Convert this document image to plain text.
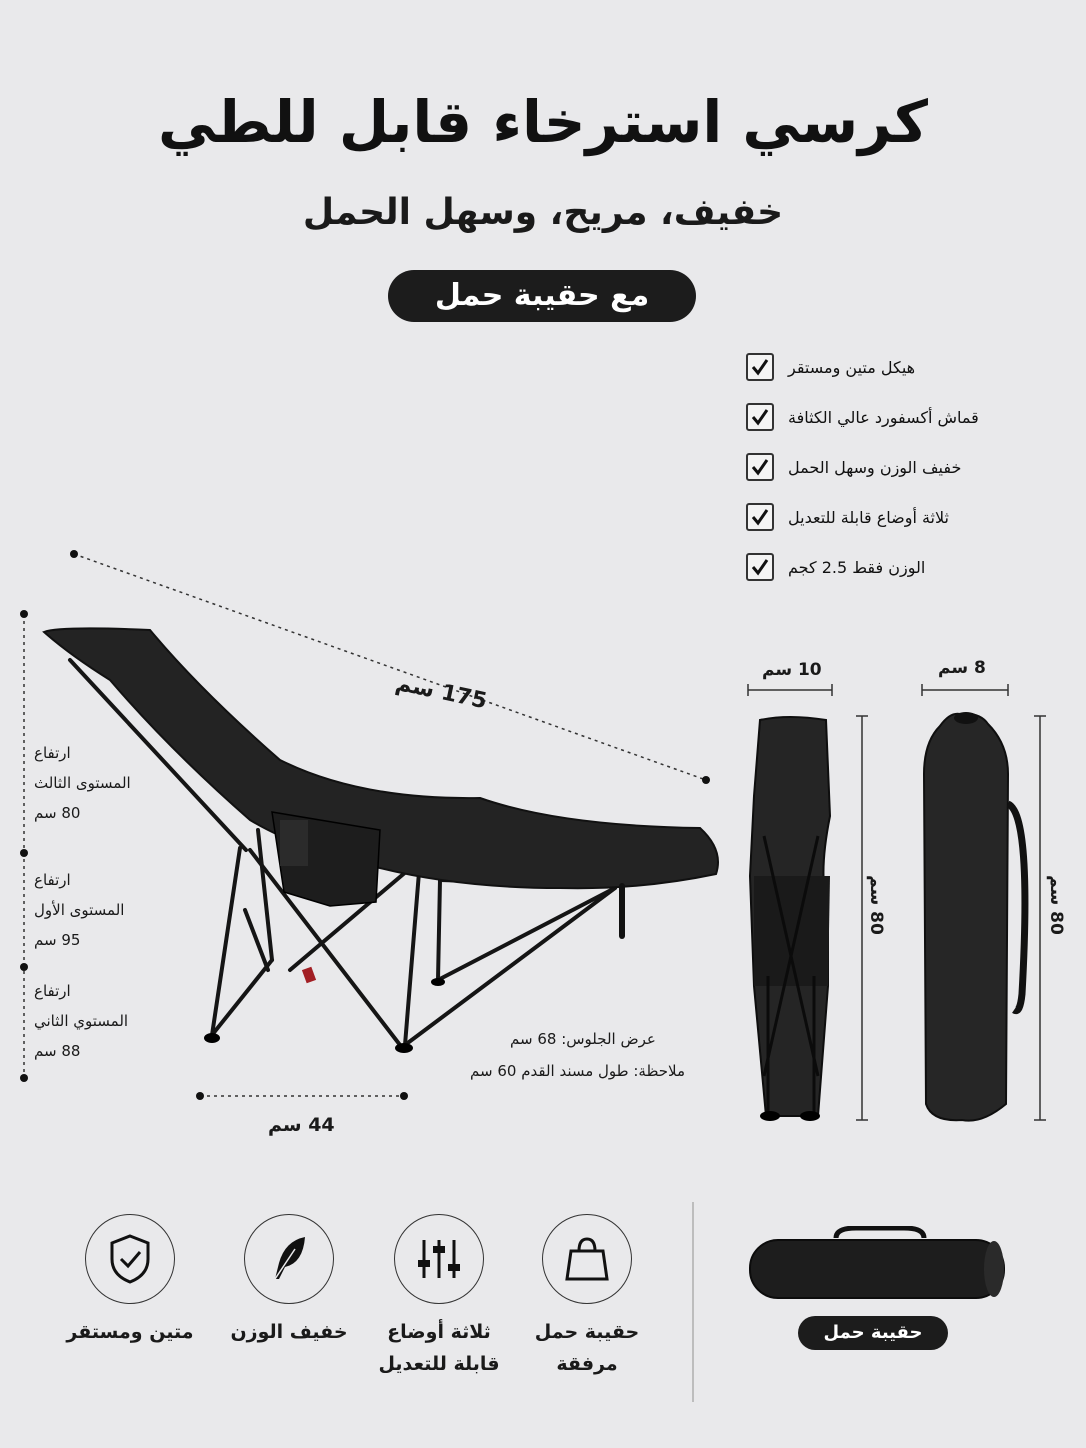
كرسي استرخاء قابل للطي
خفيف، مريح، وسهل الحمل
مع حقيبة حمل
هيكل متين ومستقر
قماش أكسفورد عالي الكثافة
خفيف الوزن وسهل الحمل
ثلاثة أوضاع قابلة للتعديل
الوزن فقط 2.5 كجم
175 سم
44 سم
عرض الجلوس: 68 سم
ملاحظة: طول مسند القدم 60 سم
10 سم	8 سم
80 سم
80 سم
ارتفاع
المستوى الثالث
80 سم
ارتفاع
المستوى الأول
95 سم
ارتفاع
المستوي الثاني
88 سم
متين ومستقر	خفيف الوزن	ثلاثة أوضاع
قابلة للتعديل
حقيبة حمل
مرفقة
حقيبة حمل
